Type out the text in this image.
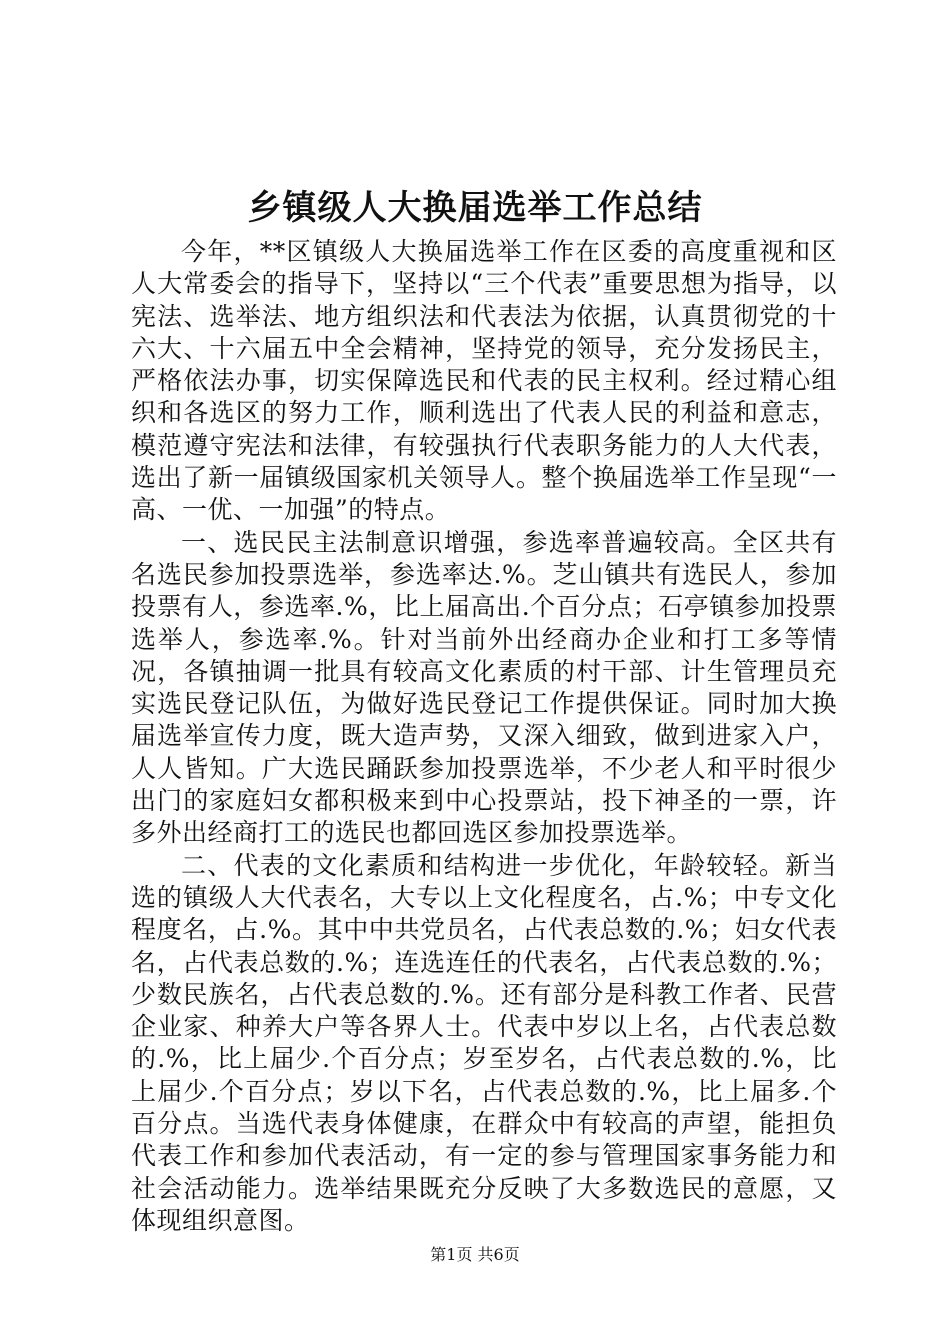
乡镇级人大换届选举工作总结

今年，**区镇级人大换届选举工作在区委的高度重视和区人大常委会的指导下，坚持以“三个代表”重要思想为指导，以宪法、选举法、地方组织法和代表法为依据，认真贯彻党的十六大、十六届五中全会精神，坚持党的领导，充分发扬民主，严格依法办事，切实保障选民和代表的民主权利。经过精心组织和各选区的努力工作，顺利选出了代表人民的利益和意志，模范遵守宪法和法律，有较强执行代表职务能力的人大代表，选出了新一届镇级国家机关领导人。整个换届选举工作呈现“一高、一优、一加强”的特点。

一、选民民主法制意识增强，参选率普遍较高。全区共有名选民参加投票选举，参选率达.%。芝山镇共有选民人，参加投票有人，参选率.%，比上届高出.个百分点；石亭镇参加投票选举人，参选率.%。针对当前外出经商办企业和打工多等情况，各镇抽调一批具有较高文化素质的村干部、计生管理员充实选民登记队伍，为做好选民登记工作提供保证。同时加大换届选举宣传力度，既大造声势，又深入细致，做到进家入户，人人皆知。广大选民踊跃参加投票选举，不少老人和平时很少出门的家庭妇女都积极来到中心投票站，投下神圣的一票，许多外出经商打工的选民也都回选区参加投票选举。

二、代表的文化素质和结构进一步优化，年龄较轻。新当选的镇级人大代表名，大专以上文化程度名，占.%；中专文化程度名，占.%。其中中共党员名，占代表总数的.%；妇女代表名，占代表总数的.%；连选连任的代表名，占代表总数的.%；少数民族名，占代表总数的.%。还有部分是科教工作者、民营企业家、种养大户等各界人士。代表中岁以上名，占代表总数的.%，比上届少.个百分点；岁至岁名，占代表总数的.%，比上届少.个百分点；岁以下名，占代表总数的.%，比上届多.个百分点。当选代表身体健康，在群众中有较高的声望，能担负代表工作和参加代表活动，有一定的参与管理国家事务能力和社会活动能力。选举结果既充分反映了大多数选民的意愿，又体现组织意图。

第1页 共6页
